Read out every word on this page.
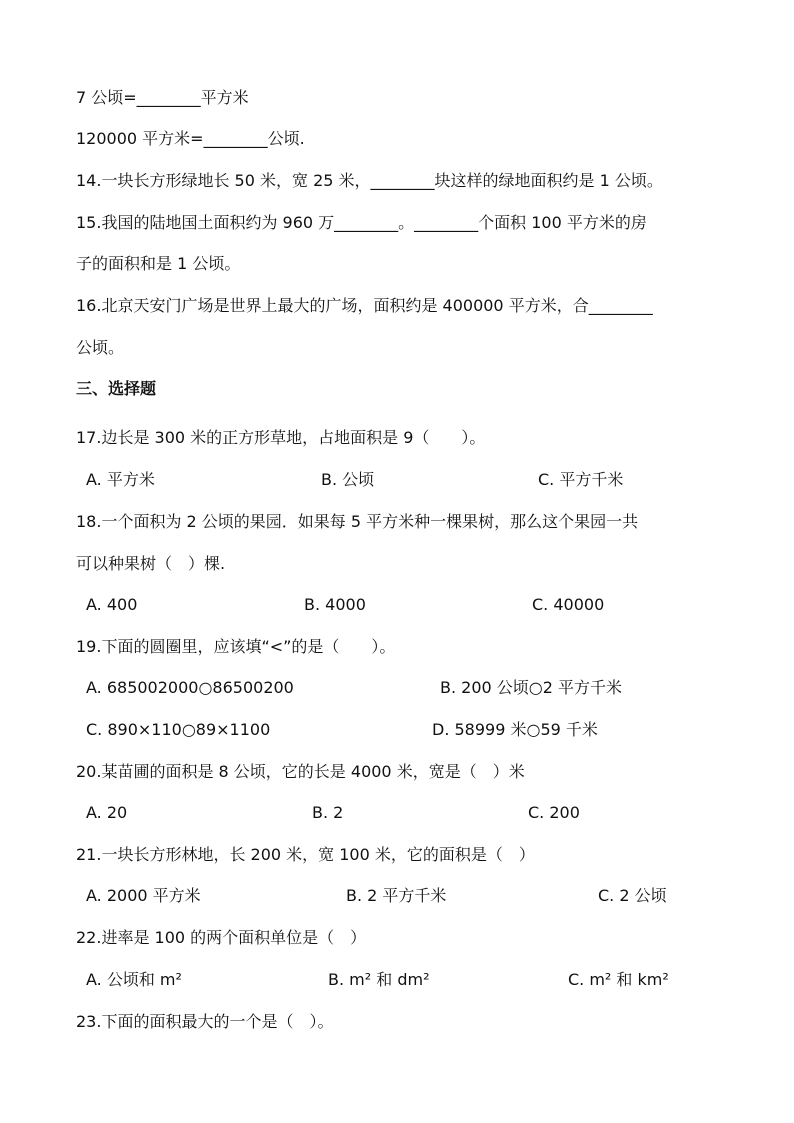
7 公顷=________平方米
120000 平方米=________公顷.
14.一块长方形绿地长 50 米，宽 25 米，________块这样的绿地面积约是 1 公顷。
15.我国的陆地国土面积约为 960 万________。________个面积 100 平方米的房
子的面积和是 1 公顷。
16.北京天安门广场是世界上最大的广场，面积约是 400000 平方米，合________
公顷。
三、选择题
17.边长是 300 米的正方形草地，占地面积是 9（　　）。
A. 平方米	B. 公顷	C. 平方千米
18.一个面积为 2 公顷的果园．如果每 5 平方米种一棵果树，那么这个果园一共
可以种果树（　）棵.
A. 400	B. 4000	C. 40000
19.下面的圆圈里，应该填“<”的是（　　）。
A. 685002000○86500200	B. 200 公顷○2 平方千米
C. 890×110○89×1100	D. 58999 米○59 千米
20.某苗圃的面积是 8 公顷，它的长是 4000 米，宽是（　）米
A. 20	B. 2	C. 200
21.一块长方形林地，长 200 米，宽 100 米，它的面积是（　）
A. 2000 平方米	B. 2 平方千米	C. 2 公顷
22.进率是 100 的两个面积单位是（　）
A. 公顷和 m²	B. m² 和 dm²	C. m² 和 km²
23.下面的面积最大的一个是（　）。
